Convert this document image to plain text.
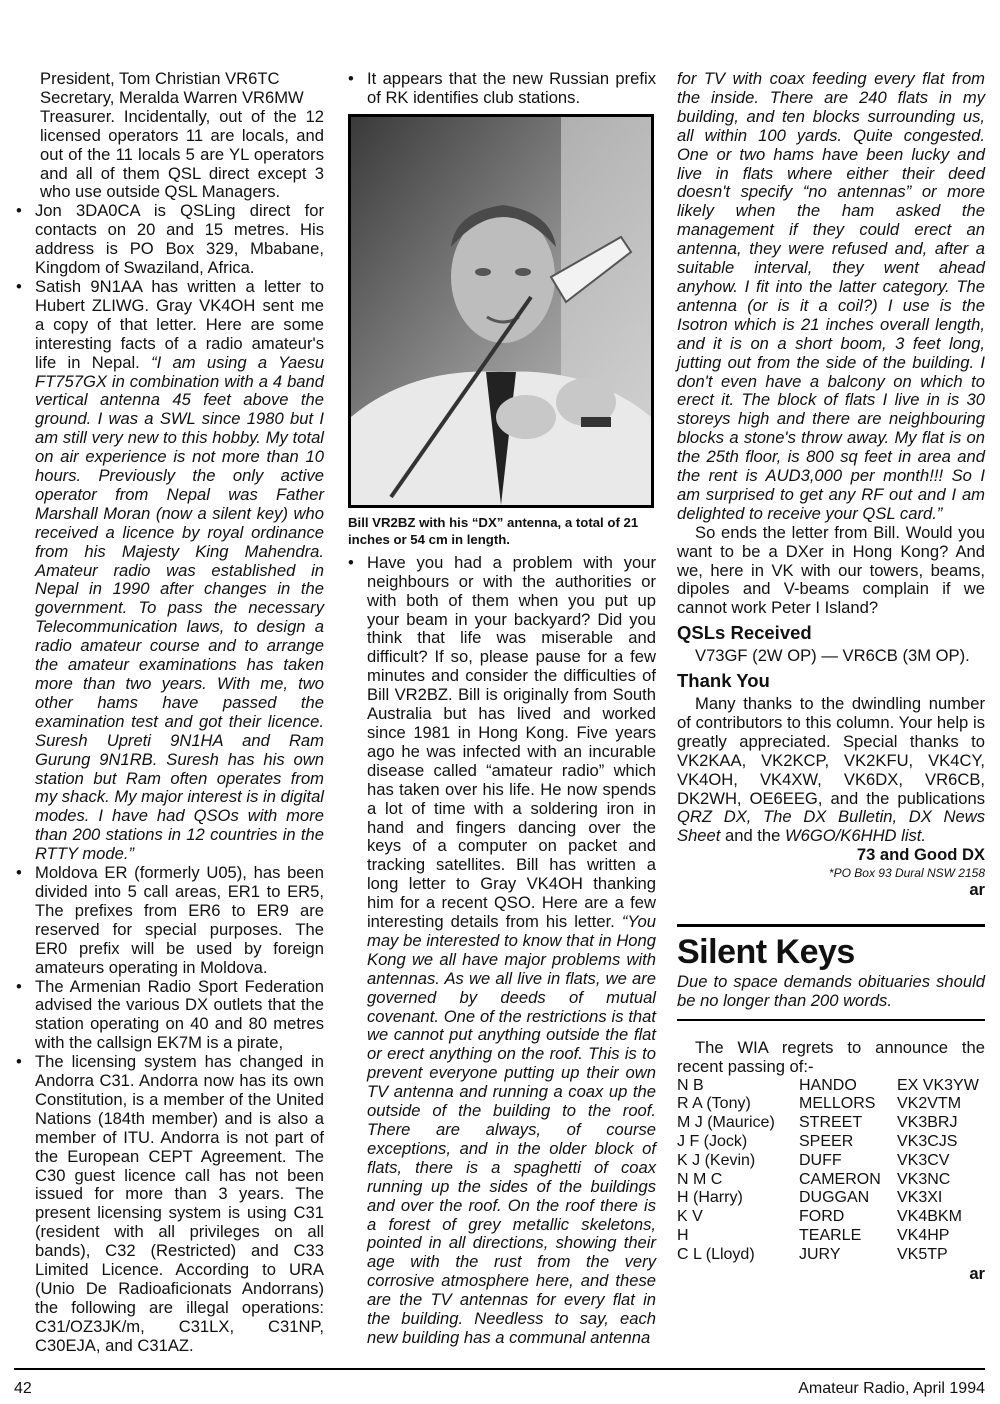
President, Tom Christian VR6TC
Secretary, Meralda Warren VR6MW
Treasurer. Incidentally, out of the 12 licensed operators 11 are locals, and out of the 11 locals 5 are YL operators and all of them QSL direct except 3 who use outside QSL Managers.
• Jon 3DA0CA is QSLing direct for contacts on 20 and 15 metres. His address is PO Box 329, Mbabane, Kingdom of Swaziland, Africa.
• Satish 9N1AA has written a letter to Hubert ZLIWG. Gray VK4OH sent me a copy of that letter. Here are some interesting facts of a radio amateur's life in Nepal. “I am using a Yaesu FT757GX in combination with a 4 band vertical antenna 45 feet above the ground. I was a SWL since 1980 but I am still very new to this hobby. My total on air experience is not more than 10 hours. Previously the only active operator from Nepal was Father Marshall Moran (now a silent key) who received a licence by royal ordinance from his Majesty King Mahendra. Amateur radio was established in Nepal in 1990 after changes in the government. To pass the necessary Telecommunication laws, to design a radio amateur course and to arrange the amateur examinations has taken more than two years. With me, two other hams have passed the examination test and got their licence. Suresh Upreti 9N1HA and Ram Gurung 9N1RB. Suresh has his own station but Ram often operates from my shack. My major interest is in digital modes. I have had QSOs with more than 200 stations in 12 countries in the RTTY mode.”
• Moldova ER (formerly U05), has been divided into 5 call areas, ER1 to ER5, The prefixes from ER6 to ER9 are reserved for special purposes. The ER0 prefix will be used by foreign amateurs operating in Moldova.
• The Armenian Radio Sport Federation advised the various DX outlets that the station operating on 40 and 80 metres with the callsign EK7M is a pirate,
• The licensing system has changed in Andorra C31. Andorra now has its own Constitution, is a member of the United Nations (184th member) and is also a member of ITU. Andorra is not part of the European CEPT Agreement. The C30 guest licence call has not been issued for more than 3 years. The present licensing system is using C31 (resident with all privileges on all bands), C32 (Restricted) and C33 Limited Licence. According to URA (Unio De Radioaficionats Andorrans) the following are illegal operations: C31/OZ3JK/m, C31LX, C31NP, C30EJA, and C31AZ.
• It appears that the new Russian prefix of RK identifies club stations.
Bill VR2BZ with his “DX” antenna, a total of 21 inches or 54 cm in length.
• Have you had a problem with your neighbours or with the authorities or with both of them when you put up your beam in your backyard? Did you think that life was miserable and difficult? If so, please pause for a few minutes and consider the difficulties of Bill VR2BZ. Bill is originally from South Australia but has lived and worked since 1981 in Hong Kong. Five years ago he was infected with an incurable disease called “amateur radio” which has taken over his life. He now spends a lot of time with a soldering iron in hand and fingers dancing over the keys of a computer on packet and tracking satellites. Bill has written a long letter to Gray VK4OH thanking him for a recent QSO. Here are a few interesting details from his letter. “You may be interested to know that in Hong Kong we all have major problems with antennas. As we all live in flats, we are governed by deeds of mutual covenant. One of the restrictions is that we cannot put anything outside the flat or erect anything on the roof. This is to prevent everyone putting up their own TV antenna and running a coax up the outside of the building to the roof. There are always, of course exceptions, and in the older block of flats, there is a spaghetti of coax running up the sides of the buildings and over the roof. On the roof there is a forest of grey metallic skeletons, pointed in all directions, showing their age with the rust from the very corrosive atmosphere here, and these are the TV antennas for every flat in the building. Needless to say, each new building has a communal antenna

for TV with coax feeding every flat from the inside. There are 240 flats in my building, and ten blocks surrounding us, all within 100 yards. Quite congested. One or two hams have been lucky and live in flats where either their deed doesn't specify “no antennas” or more likely when the ham asked the management if they could erect an antenna, they were refused and, after a suitable interval, they went ahead anyhow. I fit into the latter category. The antenna (or is it a coil?) I use is the Isotron which is 21 inches overall length, and it is on a short boom, 3 feet long, jutting out from the side of the building. I don't even have a balcony on which to erect it. The block of flats I live in is 30 storeys high and there are neighbouring blocks a stone's throw away. My flat is on the 25th floor, is 800 sq feet in area and the rent is AUD3,000 per month!!! So I am surprised to get any RF out and I am delighted to receive your QSL card.”

So ends the letter from Bill. Would you want to be a DXer in Hong Kong? And we, here in VK with our towers, beams, dipoles and V-beams complain if we cannot work Peter I Island?

QSLs Received

V73GF (2W OP) — VR6CB (3M OP).

Thank You

Many thanks to the dwindling number of contributors to this column. Your help is greatly appreciated. Special thanks to VK2KAA, VK2KCP, VK2KFU, VK4CY, VK4OH, VK4XW, VK6DX, VR6CB, DK2WH, OE6EEG, and the publications QRZ DX, The DX Bulletin, DX News Sheet and the W6GO/K6HHD list.

73 and Good DX
*PO Box 93 Dural NSW 2158
ar
Silent Keys

Due to space demands obituaries should be no longer than 200 words.

The WIA regrets to announce the recent passing of:-

N B	HANDO	EX VK3YW
R A (Tony)	MELLORS	VK2VTM
M J (Maurice)	STREET	VK3BRJ
J F (Jock)	SPEER	VK3CJS
K J (Kevin)	DUFF	VK3CV
N M C	CAMERON	VK3NC
H (Harry)	DUGGAN	VK3XI
K V	FORD	VK4BKM
H	TEARLE	VK4HP
C L (Lloyd)	JURY	VK5TP
ar
42	Amateur Radio, April 1994
